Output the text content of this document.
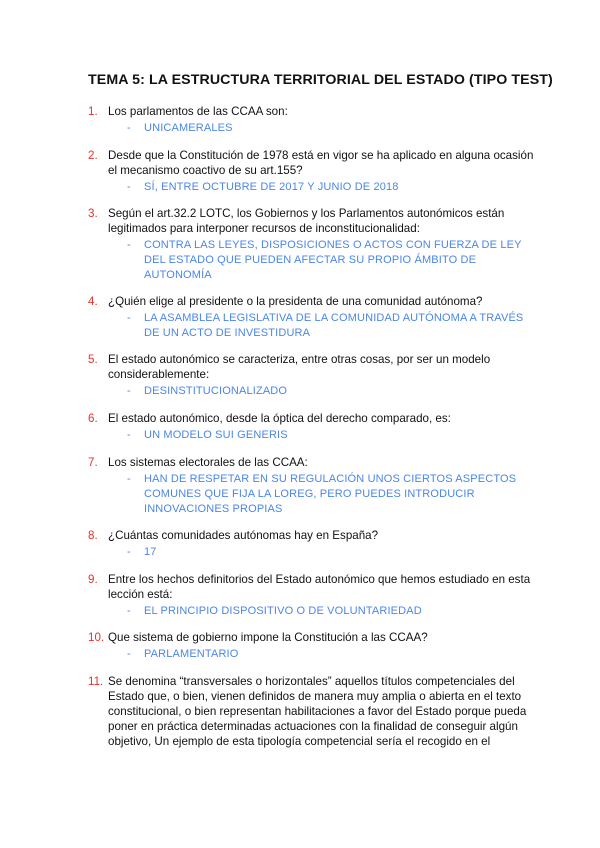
TEMA 5: LA ESTRUCTURA TERRITORIAL DEL ESTADO (TIPO TEST)
1. Los parlamentos de las CCAA son:
- UNICAMERALES
2. Desde que la Constitución de 1978 está en vigor se ha aplicado en alguna ocasión el mecanismo coactivo de su art.155?
- SÍ, ENTRE OCTUBRE DE 2017 Y JUNIO DE 2018
3. Según el art.32.2 LOTC, los Gobiernos y los Parlamentos autonómicos están legitimados para interponer recursos de inconstitucionalidad:
- CONTRA LAS LEYES, DISPOSICIONES O ACTOS CON FUERZA DE LEY DEL ESTADO QUE PUEDEN AFECTAR SU PROPIO ÁMBITO DE AUTONOMÍA
4. ¿Quién elige al presidente o la presidenta de una comunidad autónoma?
- LA ASAMBLEA LEGISLATIVA DE LA COMUNIDAD AUTÓNOMA A TRAVÉS DE UN ACTO DE INVESTIDURA
5. El estado autonómico se caracteriza, entre otras cosas, por ser un modelo considerablemente:
- DESINSTITUCIONALIZADO
6. El estado autonómico, desde la óptica del derecho comparado, es:
- UN MODELO SUI GENERIS
7. Los sistemas electorales de las CCAA:
- HAN DE RESPETAR EN SU REGULACIÓN UNOS CIERTOS ASPECTOS COMUNES QUE FIJA LA LOREG, PERO PUEDES INTRODUCIR INNOVACIONES PROPIAS
8. ¿Cuántas comunidades autónomas hay en España?
- 17
9. Entre los hechos definitorios del Estado autonómico que hemos estudiado en esta lección está:
- EL PRINCIPIO DISPOSITIVO O DE VOLUNTARIEDAD
10. Que sistema de gobierno impone la Constitución a las CCAA?
- PARLAMENTARIO
11. Se denomina “transversales o horizontales” aquellos títulos competenciales del Estado que, o bien, vienen definidos de manera muy amplia o abierta en el texto constitucional, o bien representan habilitaciones a favor del Estado porque pueda poner en práctica determinadas actuaciones con la finalidad de conseguir algún objetivo, Un ejemplo de esta tipología competencial sería el recogido en el
